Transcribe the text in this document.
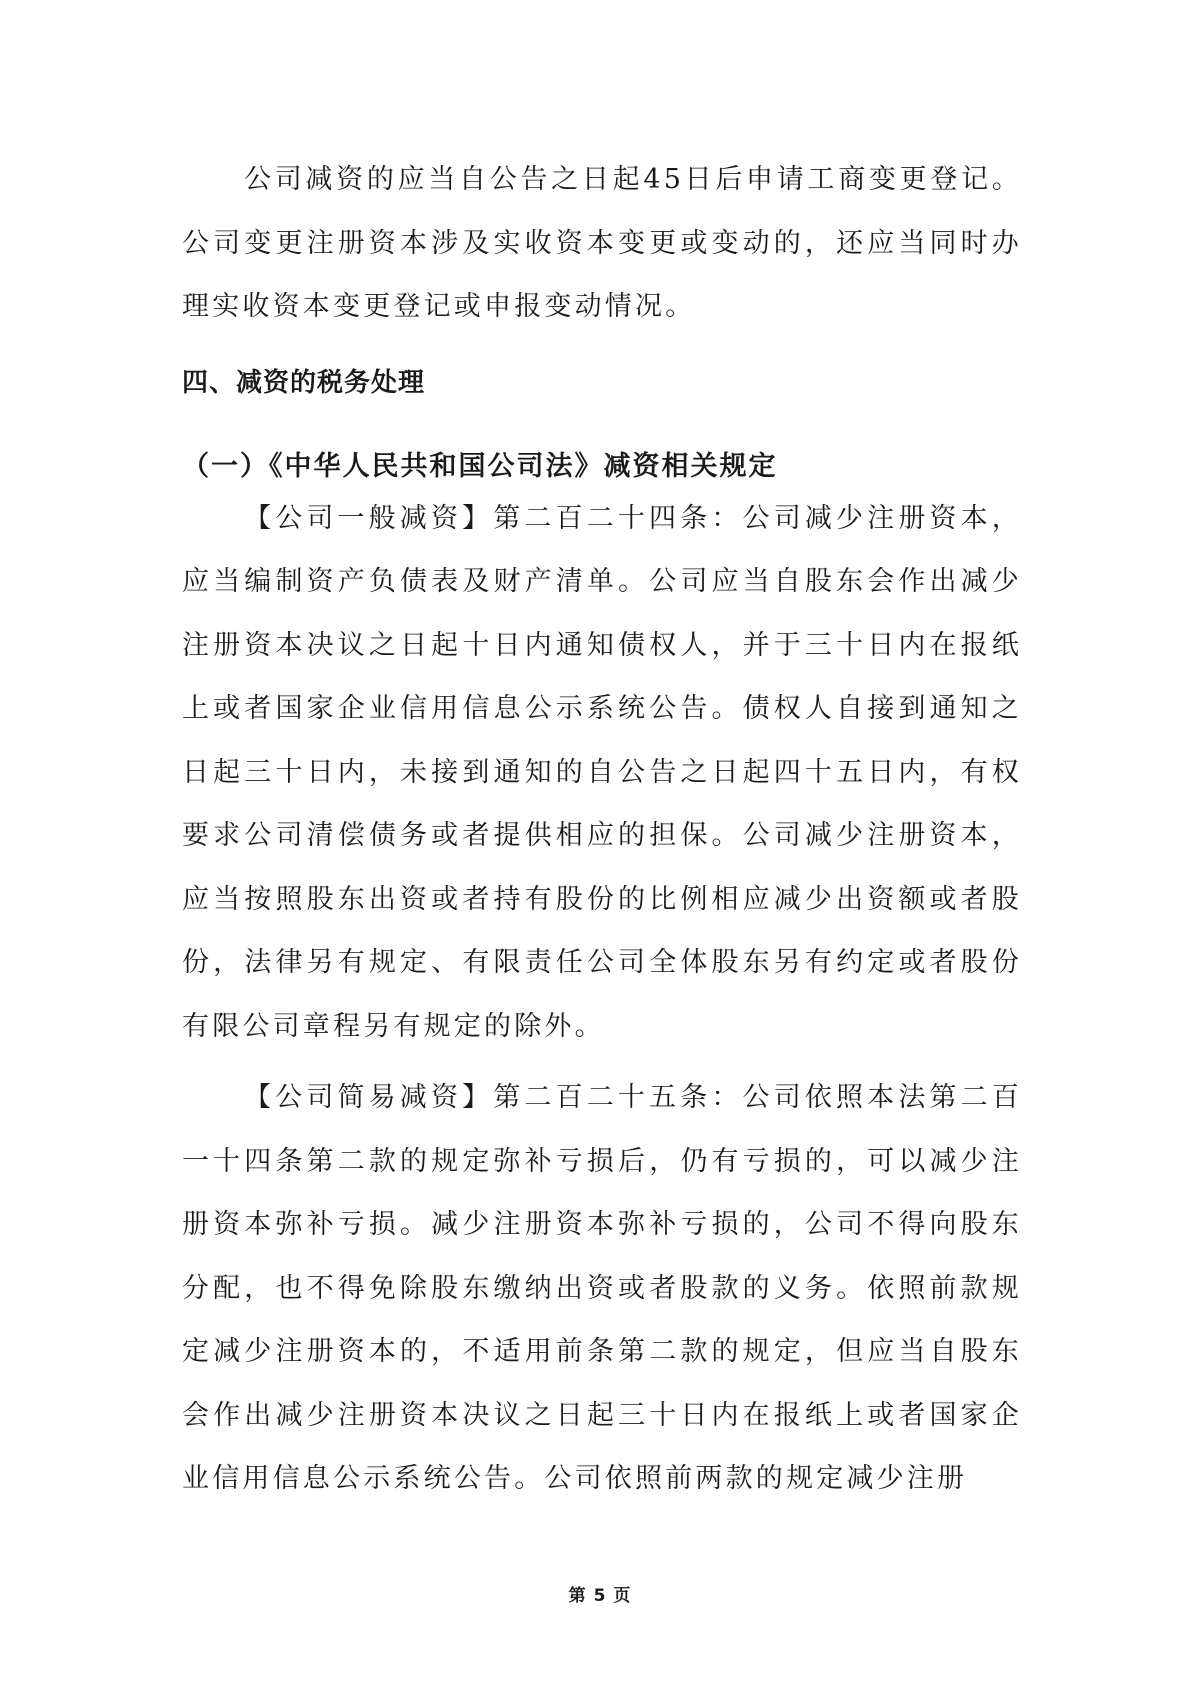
公司减资的应当自公告之日起45日后申请工商变更登记。公司变更注册资本涉及实收资本变更或变动的，还应当同时办理实收资本变更登记或申报变动情况。

四、减资的税务处理
（一）《中华人民共和国公司法》减资相关规定

【公司一般减资】第二百二十四条：公司减少注册资本，应当编制资产负债表及财产清单。公司应当自股东会作出减少注册资本决议之日起十日内通知债权人，并于三十日内在报纸上或者国家企业信用信息公示系统公告。债权人自接到通知之日起三十日内，未接到通知的自公告之日起四十五日内，有权要求公司清偿债务或者提供相应的担保。公司减少注册资本，应当按照股东出资或者持有股份的比例相应减少出资额或者股份，法律另有规定、有限责任公司全体股东另有约定或者股份有限公司章程另有规定的除外。

【公司简易减资】第二百二十五条：公司依照本法第二百一十四条第二款的规定弥补亏损后，仍有亏损的，可以减少注册资本弥补亏损。减少注册资本弥补亏损的，公司不得向股东分配，也不得免除股东缴纳出资或者股款的义务。依照前款规定减少注册资本的，不适用前条第二款的规定，但应当自股东会作出减少注册资本决议之日起三十日内在报纸上或者国家企业信用信息公示系统公告。公司依照前两款的规定减少注册

第 5 页
